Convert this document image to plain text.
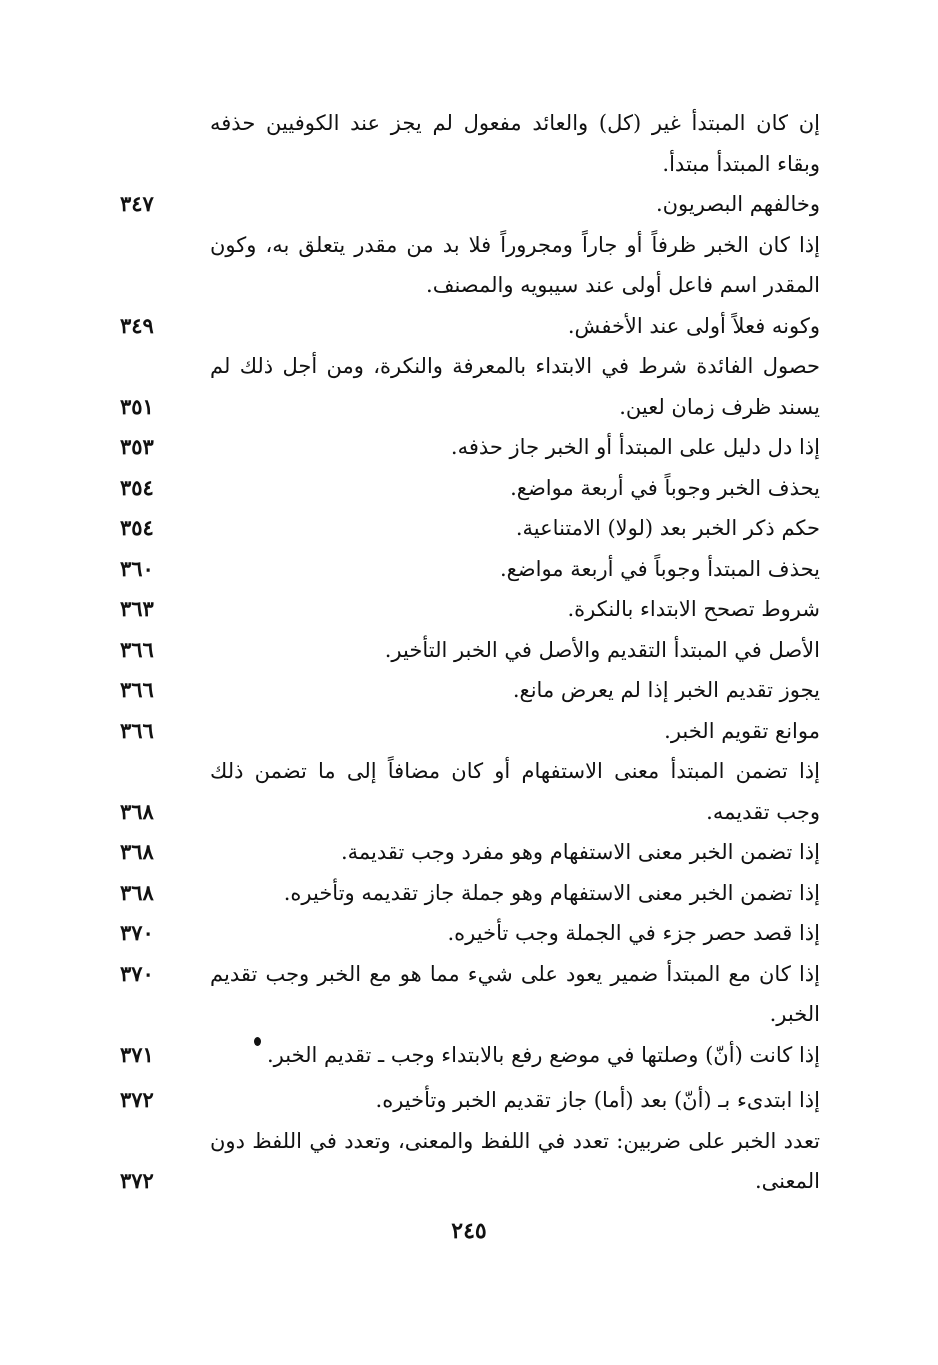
إن كان المبتدأ غير (كل) والعائد مفعول لم يجز عند الكوفيين حذفه وبقاء المبتدأ مبتدأ.
وخالفهم البصريون.
٣٤٧
إذا كان الخبر ظرفاً أو جاراً ومجروراً فلا بد من مقدر يتعلق به، وكون المقدر اسم فاعل أولى عند سيبويه والمصنف.
وكونه فعلاً أولى عند الأخفش.
٣٤٩
حصول الفائدة شرط في الابتداء بالمعرفة والنكرة، ومن أجل ذلك لم يسند ظرف زمان لعين.
٣٥١
إذا دل دليل على المبتدأ أو الخبر جاز حذفه.
٣٥٣
يحذف الخبر وجوباً في أربعة مواضع.
٣٥٤
حكم ذكر الخبر بعد (لولا) الامتناعية.
٣٥٤
يحذف المبتدأ وجوباً في أربعة مواضع.
٣٦٠
شروط تصحح الابتداء بالنكرة.
٣٦٣
الأصل في المبتدأ التقديم والأصل في الخبر التأخير.
٣٦٦
يجوز تقديم الخبر إذا لم يعرض مانع.
٣٦٦
موانع تقويم الخبر.
٣٦٦
إذا تضمن المبتدأ معنى الاستفهام أو كان مضافاً إلى ما تضمن ذلك وجب تقديمه.
٣٦٨
إذا تضمن الخبر معنى الاستفهام وهو مفرد وجب تقديمة.
٣٦٨
إذا تضمن الخبر معنى الاستفهام وهو جملة جاز تقديمه وتأخيره.
٣٦٨
إذا قصد حصر جزء في الجملة وجب تأخيره.
٣٧٠
إذا كان مع المبتدأ ضمير يعود على شيء مما هو مع الخبر وجب تقديم الخبر.
٣٧٠
إذا كانت (أنّ) وصلتها في موضع رفع بالابتداء وجب ـ تقديم الخبر.
٣٧١
إذا ابتدىء بـ (أنّ) بعد (أما) جاز تقديم الخبر وتأخيره.
٣٧٢
تعدد الخبر على ضربين: تعدد في اللفظ والمعنى، وتعدد في اللفظ دون المعنى.
٣٧٢
٢٤٥
